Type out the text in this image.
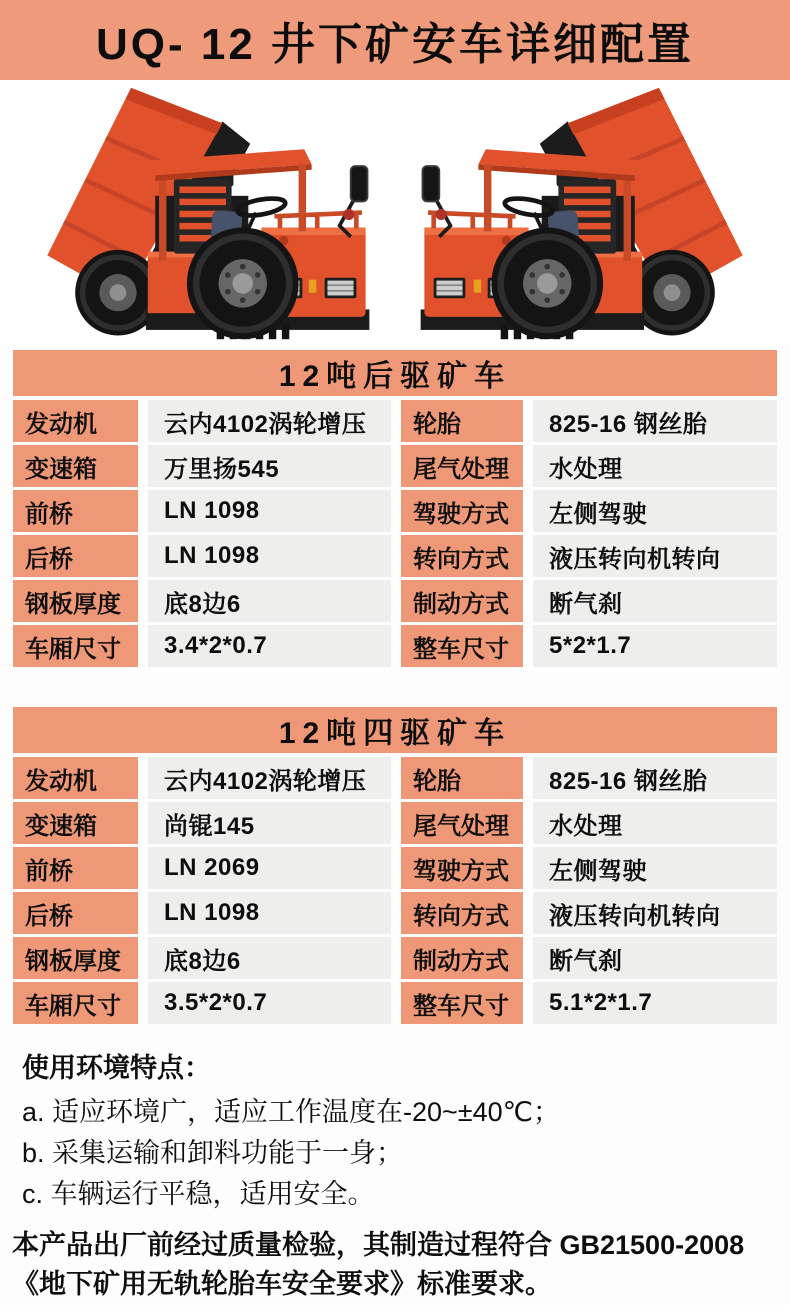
UQ- 12 井下矿安车详细配置
12吨后驱矿车
发动机	云内4102涡轮增压	轮胎	825-16 钢丝胎
变速箱	万里扬545	尾气处理	水处理
前桥	LN 1098	驾驶方式	左侧驾驶
后桥	LN 1098	转向方式	液压转向机转向
钢板厚度	底8边6	制动方式	断气刹
车厢尺寸	3.4*2*0.7	整车尺寸	5*2*1.7
12吨四驱矿车
发动机	云内4102涡轮增压	轮胎	825-16 钢丝胎
变速箱	尚锟145	尾气处理	水处理
前桥	LN 2069	驾驶方式	左侧驾驶
后桥	LN 1098	转向方式	液压转向机转向
钢板厚度	底8边6	制动方式	断气刹
车厢尺寸	3.5*2*0.7	整车尺寸	5.1*2*1.7
使用环境特点：
a. 适应环境广，适应工作温度在-20~±40℃；
b. 采集运输和卸料功能于一身；
c. 车辆运行平稳，适用安全。
本产品出厂前经过质量检验，其制造过程符合 GB21500-2008
《地下矿用无轨轮胎车安全要求》标准要求。
